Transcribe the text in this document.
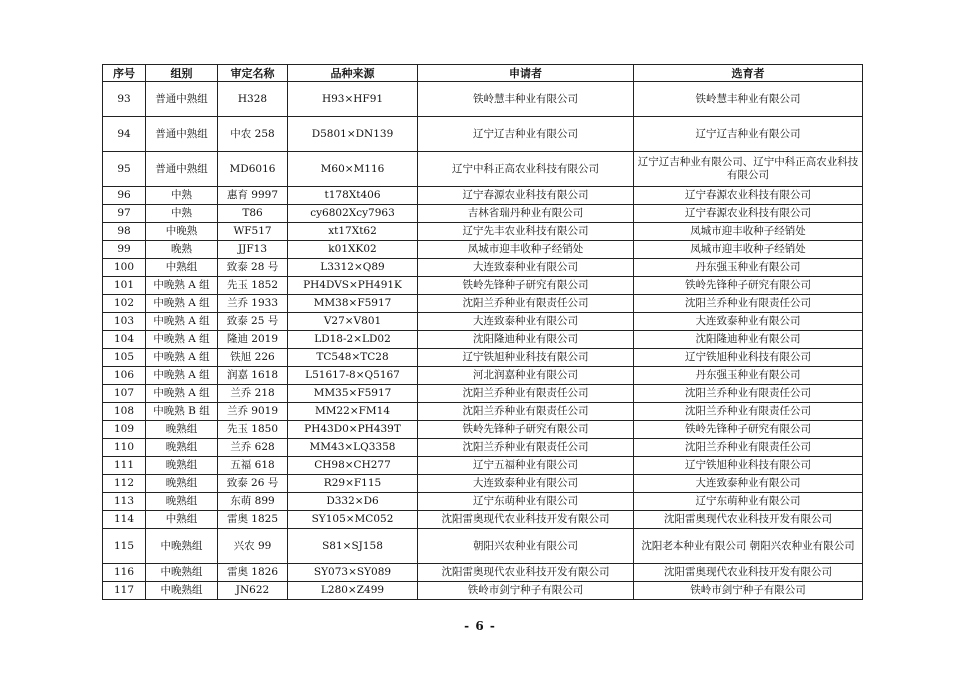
序号	组别	审定名称	品种来源	申请者	选育者
93	普通中熟组	H328	H93×HF91	铁岭慧丰种业有限公司	铁岭慧丰种业有限公司
94	普通中熟组	中农 258	D5801×DN139	辽宁辽吉种业有限公司	辽宁辽吉种业有限公司
95	普通中熟组	MD6016	M60×M116	辽宁中科正高农业科技有限公司	辽宁辽吉种业有限公司、辽宁中科正高农业科技有限公司
96	中熟	惠育 9997	t178Xt406	辽宁春源农业科技有限公司	辽宁春源农业科技有限公司
97	中熟	T86	cy6802Xcy7963	吉林省瑞丹种业有限公司	辽宁春源农业科技有限公司
98	中晚熟	WF517	xt17Xt62	辽宁先丰农业科技有限公司	凤城市迎丰收种子经销处
99	晚熟	JJF13	k01XK02	凤城市迎丰收种子经销处	凤城市迎丰收种子经销处
100	中熟组	致泰 28 号	L3312×Q89	大连致泰种业有限公司	丹东强玉种业有限公司
101	中晚熟 A 组	先玉 1852	PH4DVS×PH491K	铁岭先锋种子研究有限公司	铁岭先锋种子研究有限公司
102	中晚熟 A 组	兰乔 1933	MM38×F5917	沈阳兰乔种业有限责任公司	沈阳兰乔种业有限责任公司
103	中晚熟 A 组	致泰 25 号	V27×V801	大连致泰种业有限公司	大连致泰种业有限公司
104	中晚熟 A 组	隆迪 2019	LD18-2×LD02	沈阳隆迪种业有限公司	沈阳隆迪种业有限公司
105	中晚熟 A 组	铁旭 226	TC548×TC28	辽宁铁旭种业科技有限公司	辽宁铁旭种业科技有限公司
106	中晚熟 A 组	润嘉 1618	L51617-8×Q5167	河北润嘉种业有限公司	丹东强玉种业有限公司
107	中晚熟 A 组	兰乔 218	MM35×F5917	沈阳兰乔种业有限责任公司	沈阳兰乔种业有限责任公司
108	中晚熟 B 组	兰乔 9019	MM22×FM14	沈阳兰乔种业有限责任公司	沈阳兰乔种业有限责任公司
109	晚熟组	先玉 1850	PH43D0×PH439T	铁岭先锋种子研究有限公司	铁岭先锋种子研究有限公司
110	晚熟组	兰乔 628	MM43×LQ3358	沈阳兰乔种业有限责任公司	沈阳兰乔种业有限责任公司
111	晚熟组	五福 618	CH98×CH277	辽宁五福种业有限公司	辽宁铁旭种业科技有限公司
112	晚熟组	致泰 26 号	R29×F115	大连致泰种业有限公司	大连致泰种业有限公司
113	晚熟组	东萌 899	D332×D6	辽宁东萌种业有限公司	辽宁东萌种业有限公司
114	中熟组	雷奥 1825	SY105×MC052	沈阳雷奥现代农业科技开发有限公司	沈阳雷奥现代农业科技开发有限公司
115	中晚熟组	兴农 99	S81×SJ158	朝阳兴农种业有限公司	沈阳老本种业有限公司 朝阳兴农种业有限公司
116	中晚熟组	雷奥 1826	SY073×SY089	沈阳雷奥现代农业科技开发有限公司	沈阳雷奥现代农业科技开发有限公司
117	中晚熟组	JN622	L280×Z499	铁岭市剑宁种子有限公司	铁岭市剑宁种子有限公司
- 6 -
